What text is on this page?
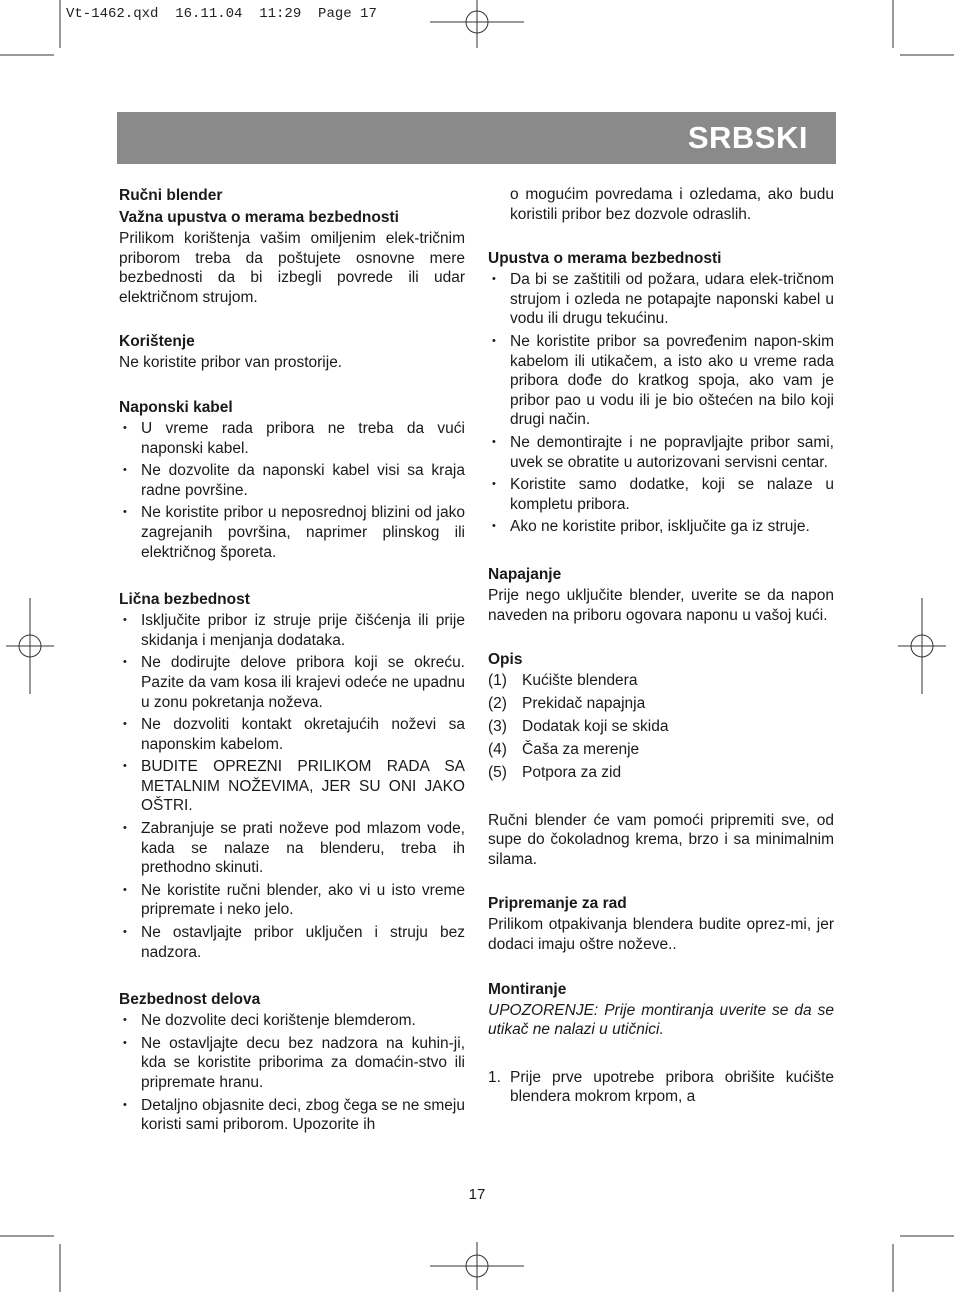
Vt-1462.qxd  16.11.04  11:29  Page 17
SRBSKI
Ručni blender
Važna upustva o merama bezbednosti

Prilikom korištenja vašim omiljenim elek-tričnim priborom treba da poštujete osnovne mere bezbednosti da bi izbegli povrede ili udar električnom strujom.

Korištenje

Ne koristite pribor van prostorije.

Naponski kabel
• U vreme rada pribora ne treba da vući naponski kabel.
• Ne dozvolite da naponski kabel visi sa kraja radne površine.
• Ne koristite pribor u neposrednoj blizini od jako zagrejanih površina, naprimer plinskog ili električnog šporeta.
Lična bezbednost
• Isključite pribor iz struje prije čišćenja ili prije skidanja i menjanja dodataka.
• Ne dodirujte delove pribora koji se okreću. Pazite da vam kosa ili krajevi odeće ne upadnu u zonu pokretanja noževa.
• Ne dozvoliti kontakt okretajućih noževi sa naponskim kabelom.
• BUDITE OPREZNI PRILIKOM RADA SA METALNIM NOŽEVIMA, JER SU ONI JAKO OŠTRI.
• Zabranjuje se prati noževe pod mlazom vode, kada se nalaze na blenderu, treba ih prethodno skinuti.
• Ne koristite ručni blender, ako vi u isto vreme pripremate i neko jelo.
• Ne ostavljajte pribor uključen i struju bez nadzora.
Bezbednost delova
• Ne dozvolite deci korištenje blemderom.
• Ne ostavljajte decu bez nadzora na kuhin-ji, kda se koristite priborima za domaćin-stvo ili pripremate hranu.
• Detaljno objasnite deci, zbog čega se ne smeju koristi sami priborom. Upozorite ih

o mogućim povredama i ozledama, ako budu koristili pribor bez dozvole odraslih.

Upustva o merama bezbednosti
• Da bi se zaštitili od požara, udara elek-tričnom strujom i ozleda ne potapajte naponski kabel u vodu ili drugu tekućinu.
• Ne koristite pribor sa povređenim napon-skim kabelom ili utikačem, a isto ako u vreme rada pribora dođe do kratkog spoja, ako vam je pribor pao u vodu ili je bio oštećen na bilo koji drugi način.
• Ne demontirajte i ne popravljajte pribor sami, uvek se obratite u autorizovani servisni centar.
• Koristite samo dodatke, koji se nalaze u kompletu pribora.
• Ako ne koristite pribor, isključite ga iz struje.
Napajanje

Prije nego uključite blender, uverite se da napon naveden na priboru ogovara naponu u vašoj kući.

Opis
(1) Kućište blendera
(2) Prekidač napajnja
(3) Dodatak koji se skida
(4) Čaša za merenje
(5) Potpora za zid

Ručni blender će vam pomoći pripremiti sve, od supe do čokoladnog krema, brzo i sa minimalnim silama.

Pripremanje za rad

Prilikom otpakivanja blendera budite oprez-mi, jer dodaci imaju oštre noževe..

Montiranje

UPOZORENJE: Prije montiranja uverite se da se utikač ne nalazi u utičnici.

1. Prije prve upotrebe pribora obrišite kućište blendera mokrom krpom, a
17
